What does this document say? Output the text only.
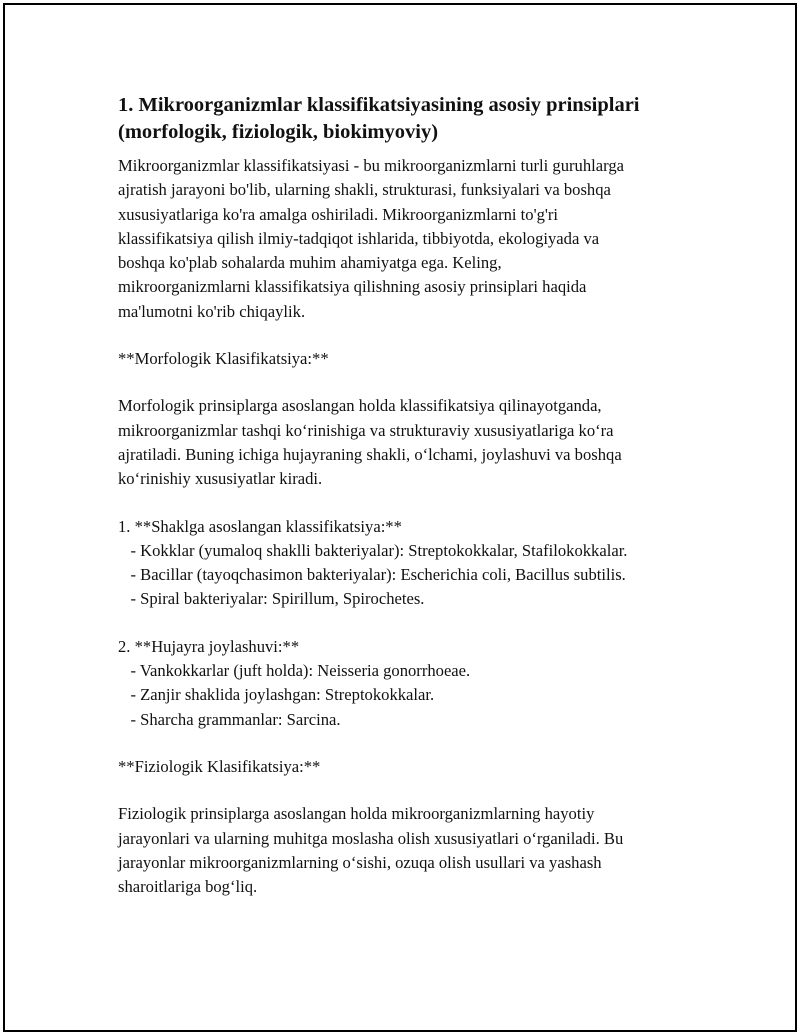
1. Mikroorganizmlar klassifikatsiyasining asosiy prinsiplari
(morfologik, fiziologik, biokimyoviy)

Mikroorganizmlar klassifikatsiyasi - bu mikroorganizmlarni turli guruhlarga
ajratish jarayoni bo'lib, ularning shakli, strukturasi, funksiyalari va boshqa
xususiyatlariga ko'ra amalga oshiriladi. Mikroorganizmlarni to'g'ri
klassifikatsiya qilish ilmiy-tadqiqot ishlarida, tibbiyotda, ekologiyada va
boshqa ko'plab sohalarda muhim ahamiyatga ega. Keling,
mikroorganizmlarni klassifikatsiya qilishning asosiy prinsiplari haqida
ma'lumotni ko'rib chiqaylik.

**Morfologik Klasifikatsiya:**

Morfologik prinsiplarga asoslangan holda klassifikatsiya qilinayotganda,
mikroorganizmlar tashqi ko‘rinishiga va strukturaviy xususiyatlariga ko‘ra
ajratiladi. Buning ichiga hujayraning shakli, o‘lchami, joylashuvi va boshqa
ko‘rinishiy xususiyatlar kiradi.

1. **Shaklga asoslangan klassifikatsiya:**
- Kokklar (yumaloq shaklli bakteriyalar): Streptokokkalar, Stafilokokkalar.
- Bacillar (tayoqchasimon bakteriyalar): Escherichia coli, Bacillus subtilis.
- Spiral bakteriyalar: Spirillum, Spirochetes.

2. **Hujayra joylashuvi:**
- Vankokkarlar (juft holda): Neisseria gonorrhoeae.
- Zanjir shaklida joylashgan: Streptokokkalar.
- Sharcha grammanlar: Sarcina.

**Fiziologik Klasifikatsiya:**

Fiziologik prinsiplarga asoslangan holda mikroorganizmlarning hayotiy
jarayonlari va ularning muhitga moslasha olish xususiyatlari o‘rganiladi. Bu
jarayonlar mikroorganizmlarning o‘sishi, ozuqa olish usullari va yashash
sharoitlariga bog‘liq.
